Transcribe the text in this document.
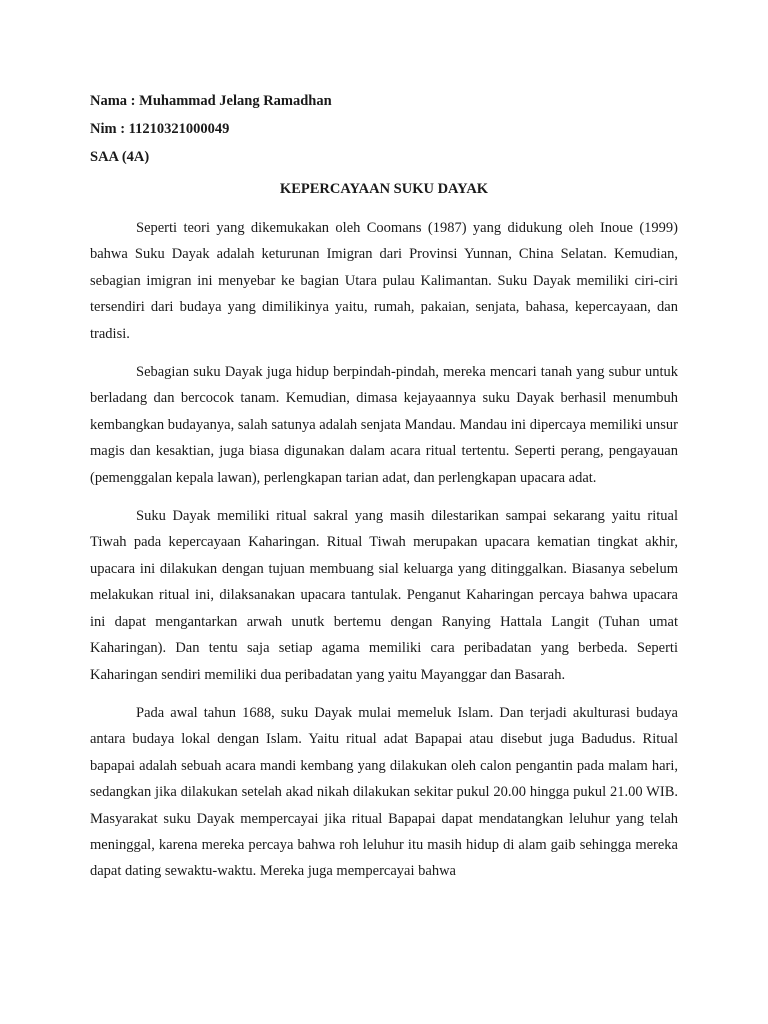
Nama : Muhammad Jelang Ramadhan
Nim : 11210321000049
SAA (4A)
KEPERCAYAAN SUKU DAYAK

Seperti teori yang dikemukakan oleh Coomans (1987) yang didukung oleh Inoue (1999) bahwa Suku Dayak adalah keturunan Imigran dari Provinsi Yunnan, China Selatan. Kemudian, sebagian imigran ini menyebar ke bagian Utara pulau Kalimantan. Suku Dayak memiliki ciri-ciri tersendiri dari budaya yang dimilikinya yaitu, rumah, pakaian, senjata, bahasa, kepercayaan, dan tradisi.

Sebagian suku Dayak juga hidup berpindah-pindah, mereka mencari tanah yang subur untuk berladang dan bercocok tanam. Kemudian, dimasa kejayaannya suku Dayak berhasil menumbuh kembangkan budayanya, salah satunya adalah senjata Mandau. Mandau ini dipercaya memiliki unsur magis dan kesaktian, juga biasa digunakan dalam acara ritual tertentu. Seperti perang, pengayauan (pemenggalan kepala lawan), perlengkapan tarian adat, dan perlengkapan upacara adat.

Suku Dayak memiliki ritual sakral yang masih dilestarikan sampai sekarang yaitu ritual Tiwah pada kepercayaan Kaharingan. Ritual Tiwah merupakan upacara kematian tingkat akhir, upacara ini dilakukan dengan tujuan membuang sial keluarga yang ditinggalkan. Biasanya sebelum melakukan ritual ini, dilaksanakan upacara tantulak. Penganut Kaharingan percaya bahwa upacara ini dapat mengantarkan arwah unutk bertemu dengan Ranying Hattala Langit (Tuhan umat Kaharingan). Dan tentu saja setiap agama memiliki cara peribadatan yang berbeda. Seperti Kaharingan sendiri memiliki dua peribadatan yang yaitu Mayanggar dan Basarah.

Pada awal tahun 1688, suku Dayak mulai memeluk Islam. Dan terjadi akulturasi budaya antara budaya lokal dengan Islam. Yaitu ritual adat Bapapai atau disebut juga Badudus. Ritual bapapai adalah sebuah acara mandi kembang yang dilakukan oleh calon pengantin pada malam hari, sedangkan jika dilakukan setelah akad nikah dilakukan sekitar pukul 20.00 hingga pukul 21.00 WIB. Masyarakat suku Dayak mempercayai jika ritual Bapapai dapat mendatangkan leluhur yang telah meninggal, karena mereka percaya bahwa roh leluhur itu masih hidup di alam gaib sehingga mereka dapat dating sewaktu-waktu. Mereka juga mempercayai bahwa
